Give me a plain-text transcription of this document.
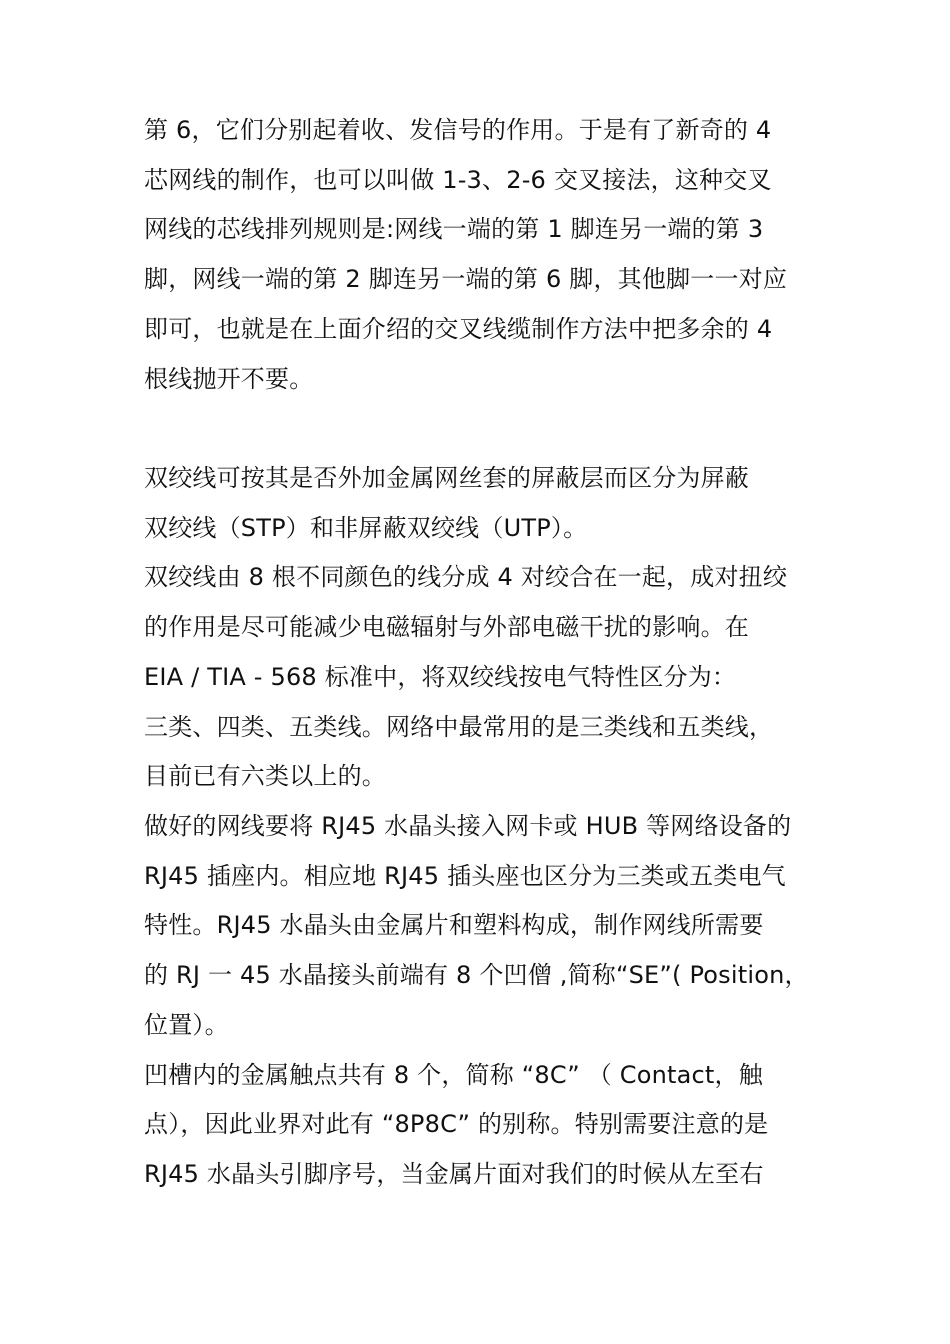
第 6，它们分别起着收、发信号的作用。于是有了新奇的 4
芯网线的制作，也可以叫做 1-3、2-6 交叉接法，这种交叉
网线的芯线排列规则是:网线一端的第 1 脚连另一端的第 3
脚，网线一端的第 2 脚连另一端的第 6 脚，其他脚一一对应
即可，也就是在上面介绍的交叉线缆制作方法中把多余的 4
根线抛开不要。
双绞线可按其是否外加金属网丝套的屏蔽层而区分为屏蔽
双绞线（STP）和非屏蔽双绞线（UTP）。
双绞线由 8 根不同颜色的线分成 4 对绞合在一起，成对扭绞
的作用是尽可能减少电磁辐射与外部电磁干扰的影响。在
EIA / TIA - 568 标准中，将双绞线按电气特性区分为：
三类、四类、五类线。网络中最常用的是三类线和五类线，
目前已有六类以上的。
做好的网线要将 RJ45 水晶头接入网卡或 HUB 等网络设备的
RJ45 插座内。相应地 RJ45 插头座也区分为三类或五类电气
特性。RJ45 水晶头由金属片和塑料构成，制作网线所需要
的 RJ 一 45 水晶接头前端有 8 个凹僧 ,简称“SE”( Position，
位置）。
凹槽内的金属触点共有 8 个，简称 “8C” （ Contact，触
点），因此业界对此有 “8P8C” 的别称。特别需要注意的是
RJ45 水晶头引脚序号，当金属片面对我们的时候从左至右
